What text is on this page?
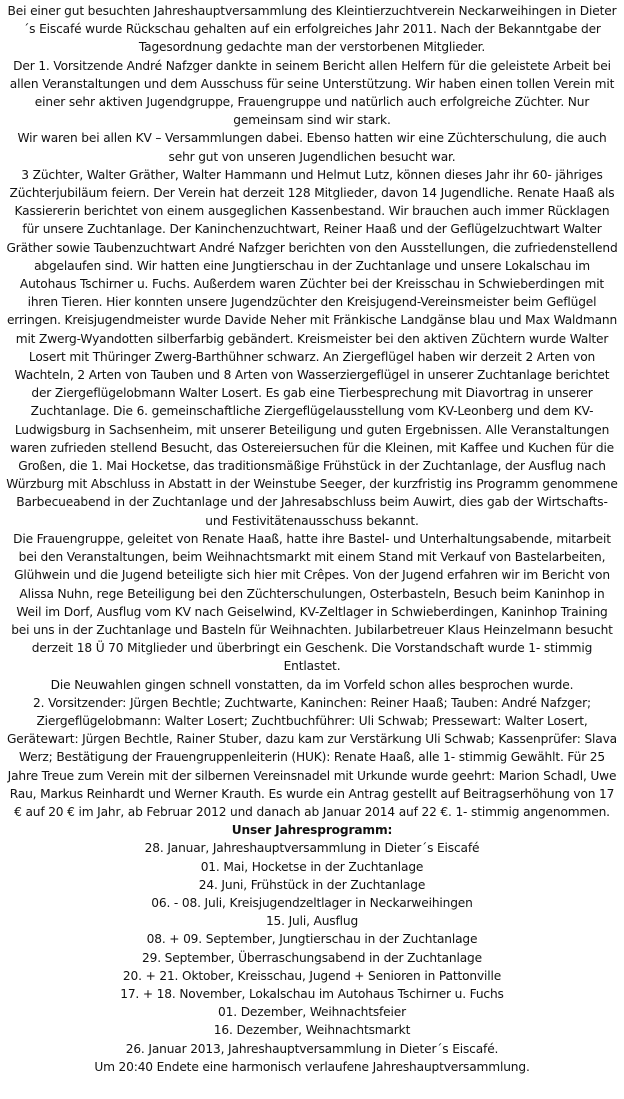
Bei einer gut besuchten Jahreshauptversammlung des Kleintierzuchtverein Neckarweihingen in Dieter´s Eiscafé wurde Rückschau gehalten auf ein erfolgreiches Jahr 2011. Nach der Bekanntgabe der Tagesordnung gedachte man der verstorbenen Mitglieder.

Der 1. Vorsitzende André Nafzger dankte in seinem Bericht allen Helfern für die geleistete Arbeit bei allen Veranstaltungen und dem Ausschuss für seine Unterstützung. Wir haben einen tollen Verein mit einer sehr aktiven Jugendgruppe, Frauengruppe und natürlich auch erfolgreiche Züchter. Nur gemeinsam sind wir stark.

Wir waren bei allen KV – Versammlungen dabei. Ebenso hatten wir eine Züchterschulung, die auch sehr gut von unseren Jugendlichen besucht war.

3 Züchter, Walter Gräther, Walter Hammann und Helmut Lutz, können dieses Jahr ihr 60- jähriges Züchterjubiläum feiern. Der Verein hat derzeit 128 Mitglieder, davon 14 Jugendliche. Renate Haaß als Kassiererin berichtet von einem ausgeglichen Kassenbestand. Wir brauchen auch immer Rücklagen für unsere Zuchtanlage. Der Kaninchenzuchtwart, Reiner Haaß und der Geflügelzuchtwart Walter Gräther sowie Taubenzuchtwart André Nafzger berichten von den Ausstellungen, die zufriedenstellend abgelaufen sind. Wir hatten eine Jungtierschau in der Zuchtanlage und unsere Lokalschau im Autohaus Tschirner u. Fuchs. Außerdem waren Züchter bei der Kreisschau in Schwieberdingen mit ihren Tieren. Hier konnten unsere Jugendzüchter den Kreisjugend-Vereinsmeister beim Geflügel erringen. Kreisjugendmeister wurde Davide Neher mit Fränkische Landgänse blau und Max Waldmann mit Zwerg-Wyandotten silberfarbig gebändert. Kreismeister bei den aktiven Züchtern wurde Walter Losert mit Thüringer Zwerg-Barthühner schwarz. An Ziergeflügel haben wir derzeit 2 Arten von Wachteln, 2 Arten von Tauben und 8 Arten von Wasserziergeflügel in unserer Zuchtanlage berichtet der Ziergeflügelobmann Walter Losert. Es gab eine Tierbesprechung mit Diavortrag in unserer Zuchtanlage. Die 6. gemeinschaftliche Ziergeflügelausstellung vom KV-Leonberg und dem KV-Ludwigsburg in Sachsenheim, mit unserer Beteiligung und guten Ergebnissen. Alle Veranstaltungen waren zufrieden stellend Besucht, das Ostereiersuchen für die Kleinen, mit Kaffee und Kuchen für die Großen, die 1. Mai Hocketse, das traditionsmäßige Frühstück in der Zuchtanlage, der Ausflug nach Würzburg mit Abschluss in Abstatt in der Weinstube Seeger, der kurzfristig ins Programm genommene Barbecueabend in der Zuchtanlage und der Jahresabschluss beim Auwirt, dies gab der Wirtschafts- und Festivitätenausschuss bekannt.

Die Frauengruppe, geleitet von Renate Haaß, hatte ihre Bastel- und Unterhaltungsabende, mitarbeit bei den Veranstaltungen, beim Weihnachtsmarkt mit einem Stand mit Verkauf von Bastelarbeiten, Glühwein und die Jugend beteiligte sich hier mit Crêpes. Von der Jugend erfahren wir im Bericht von Alissa Nuhn, rege Beteiligung bei den Züchterschulungen, Osterbasteln, Besuch beim Kaninhop in Weil im Dorf, Ausflug vom KV nach Geiselwind, KV-Zeltlager in Schwieberdingen, Kaninhop Training bei uns in der Zuchtanlage und Basteln für Weihnachten. Jubilarbetreuer Klaus Heinzelmann besucht derzeit 18 Ü 70 Mitglieder und überbringt ein Geschenk. Die Vorstandschaft wurde 1- stimmig Entlastet.

Die Neuwahlen gingen schnell vonstatten, da im Vorfeld schon alles besprochen wurde.

2. Vorsitzender: Jürgen Bechtle; Zuchtwarte, Kaninchen: Reiner Haaß; Tauben: André Nafzger; Ziergeflügelobmann: Walter Losert; Zuchtbuchführer: Uli Schwab; Pressewart: Walter Losert, Gerätewart: Jürgen Bechtle, Rainer Stuber, dazu kam zur Verstärkung Uli Schwab; Kassenprüfer: Slava Werz; Bestätigung der Frauengruppenleiterin (HUK): Renate Haaß, alle 1- stimmig Gewählt. Für 25 Jahre Treue zum Verein mit der silbernen Vereinsnadel mit Urkunde wurde geehrt: Marion Schadl, Uwe Rau, Markus Reinhardt und Werner Krauth. Es wurde ein Antrag gestellt auf Beitragserhöhung von 17 € auf 20 € im Jahr, ab Februar 2012 und danach ab Januar 2014 auf 22 €. 1- stimmig angenommen.

Unser Jahresprogramm:

28. Januar, Jahreshauptversammlung in Dieter´s Eiscafé
01. Mai, Hocketse in der Zuchtanlage
24. Juni, Frühstück in der Zuchtanlage
06. - 08. Juli, Kreisjugendzeltlager in Neckarweihingen
15. Juli, Ausflug
08. + 09. September, Jungtierschau in der Zuchtanlage
29. September, Überraschungsabend in der Zuchtanlage
20. + 21. Oktober, Kreisschau, Jugend + Senioren in Pattonville
17. + 18. November, Lokalschau im Autohaus Tschirner u. Fuchs
01. Dezember, Weihnachtsfeier
16. Dezember, Weihnachtsmarkt
26. Januar 2013, Jahreshauptversammlung in Dieter´s Eiscafé.

Um 20:40 Endete eine harmonisch verlaufene Jahreshauptversammlung.
